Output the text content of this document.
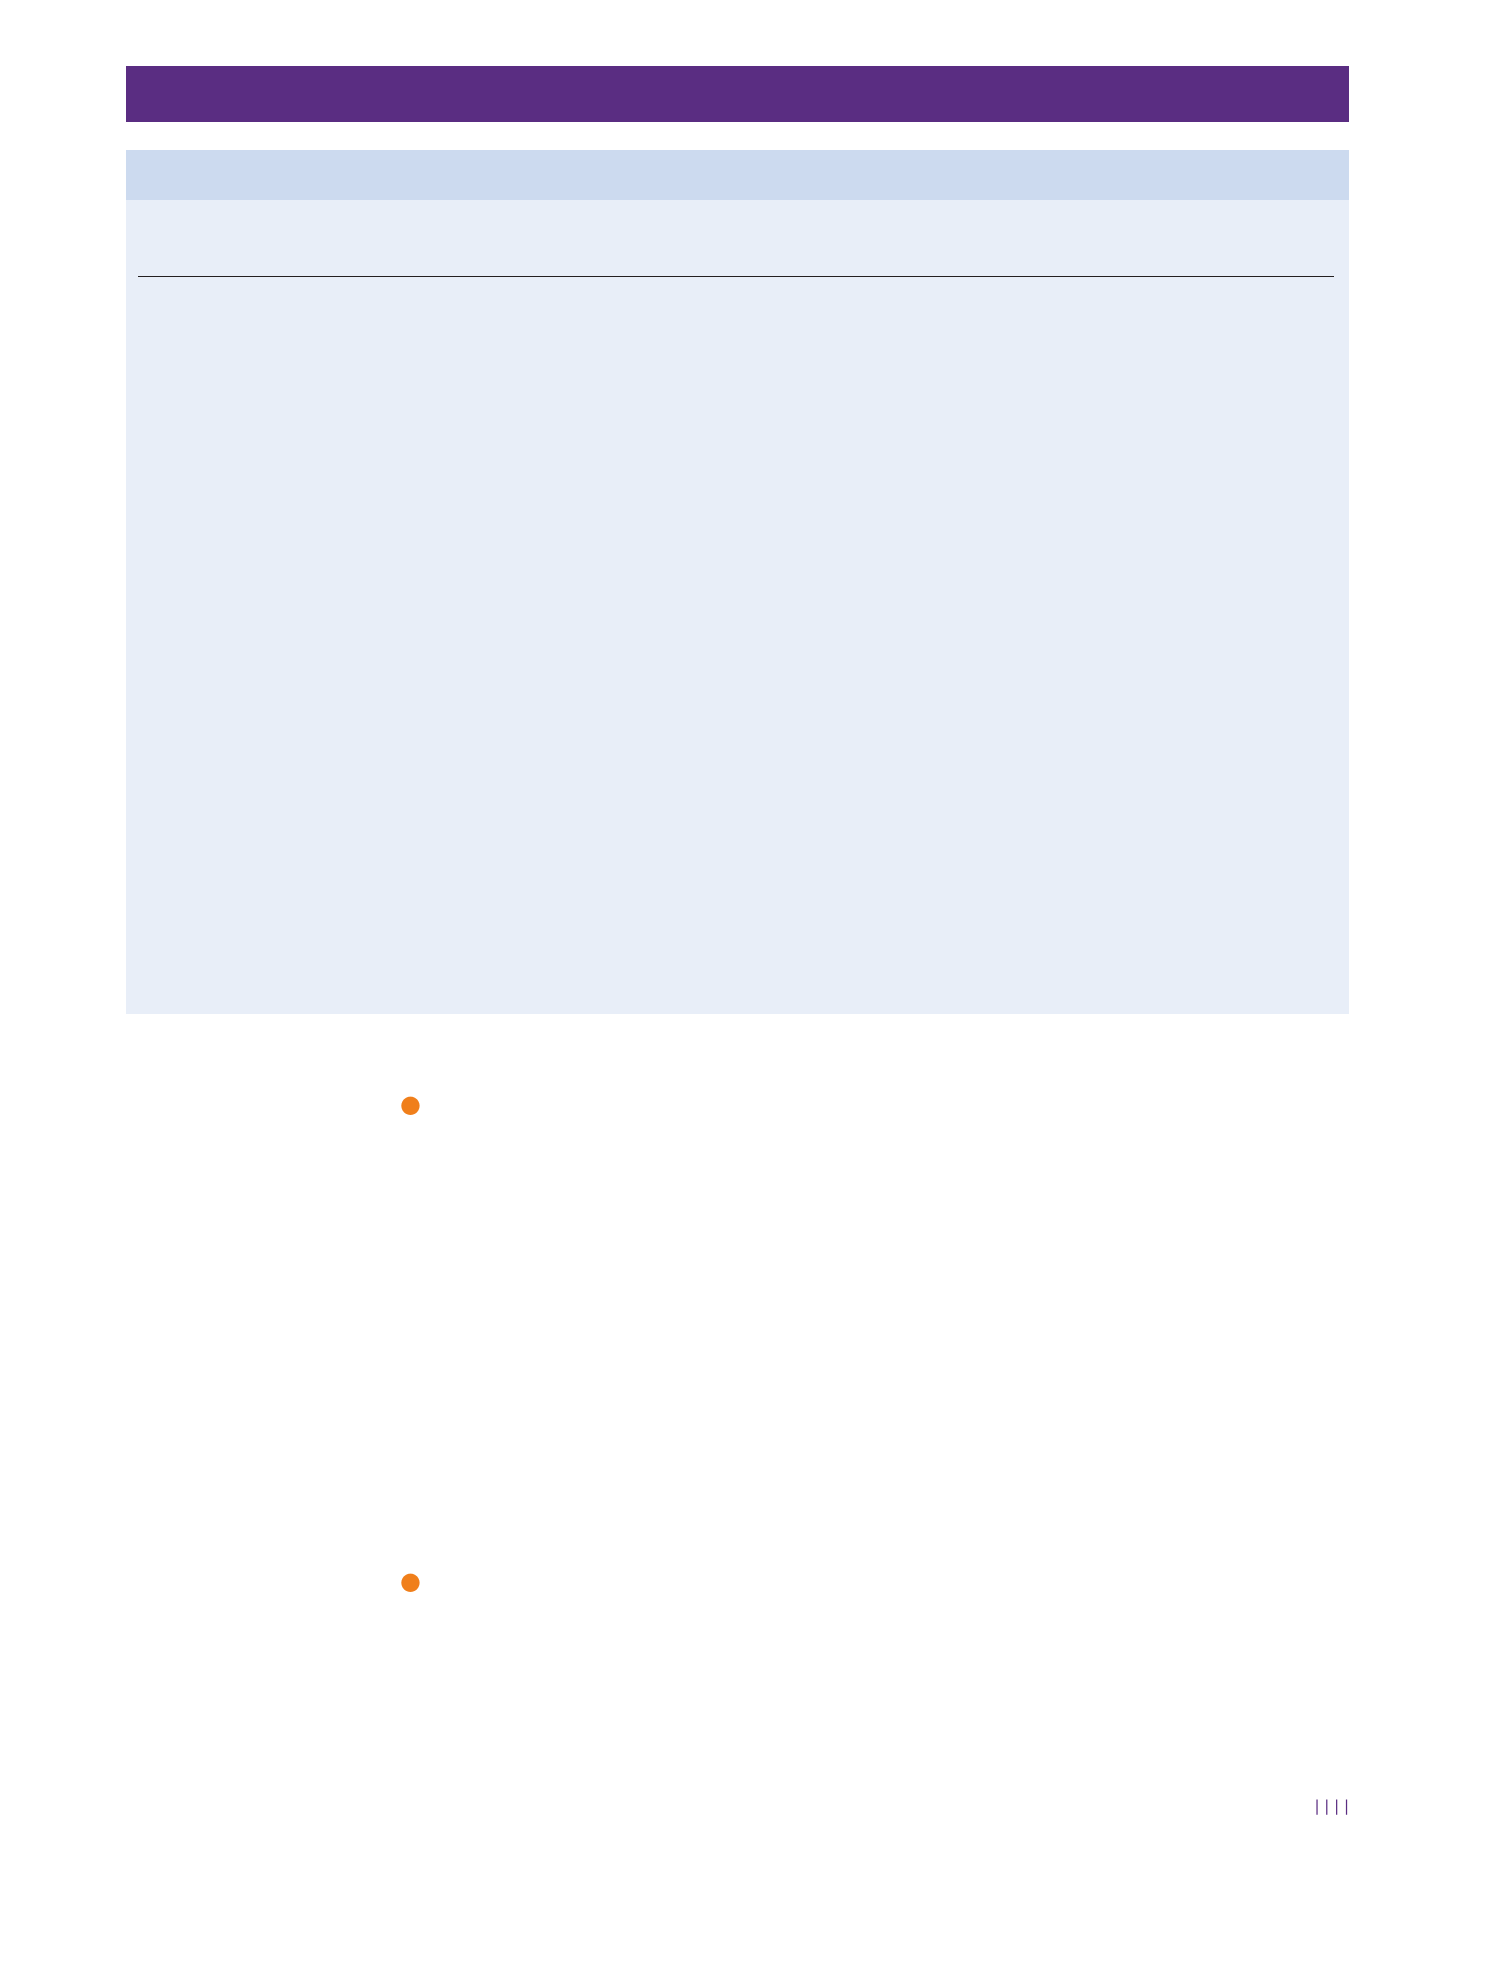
●
●
| | | |
